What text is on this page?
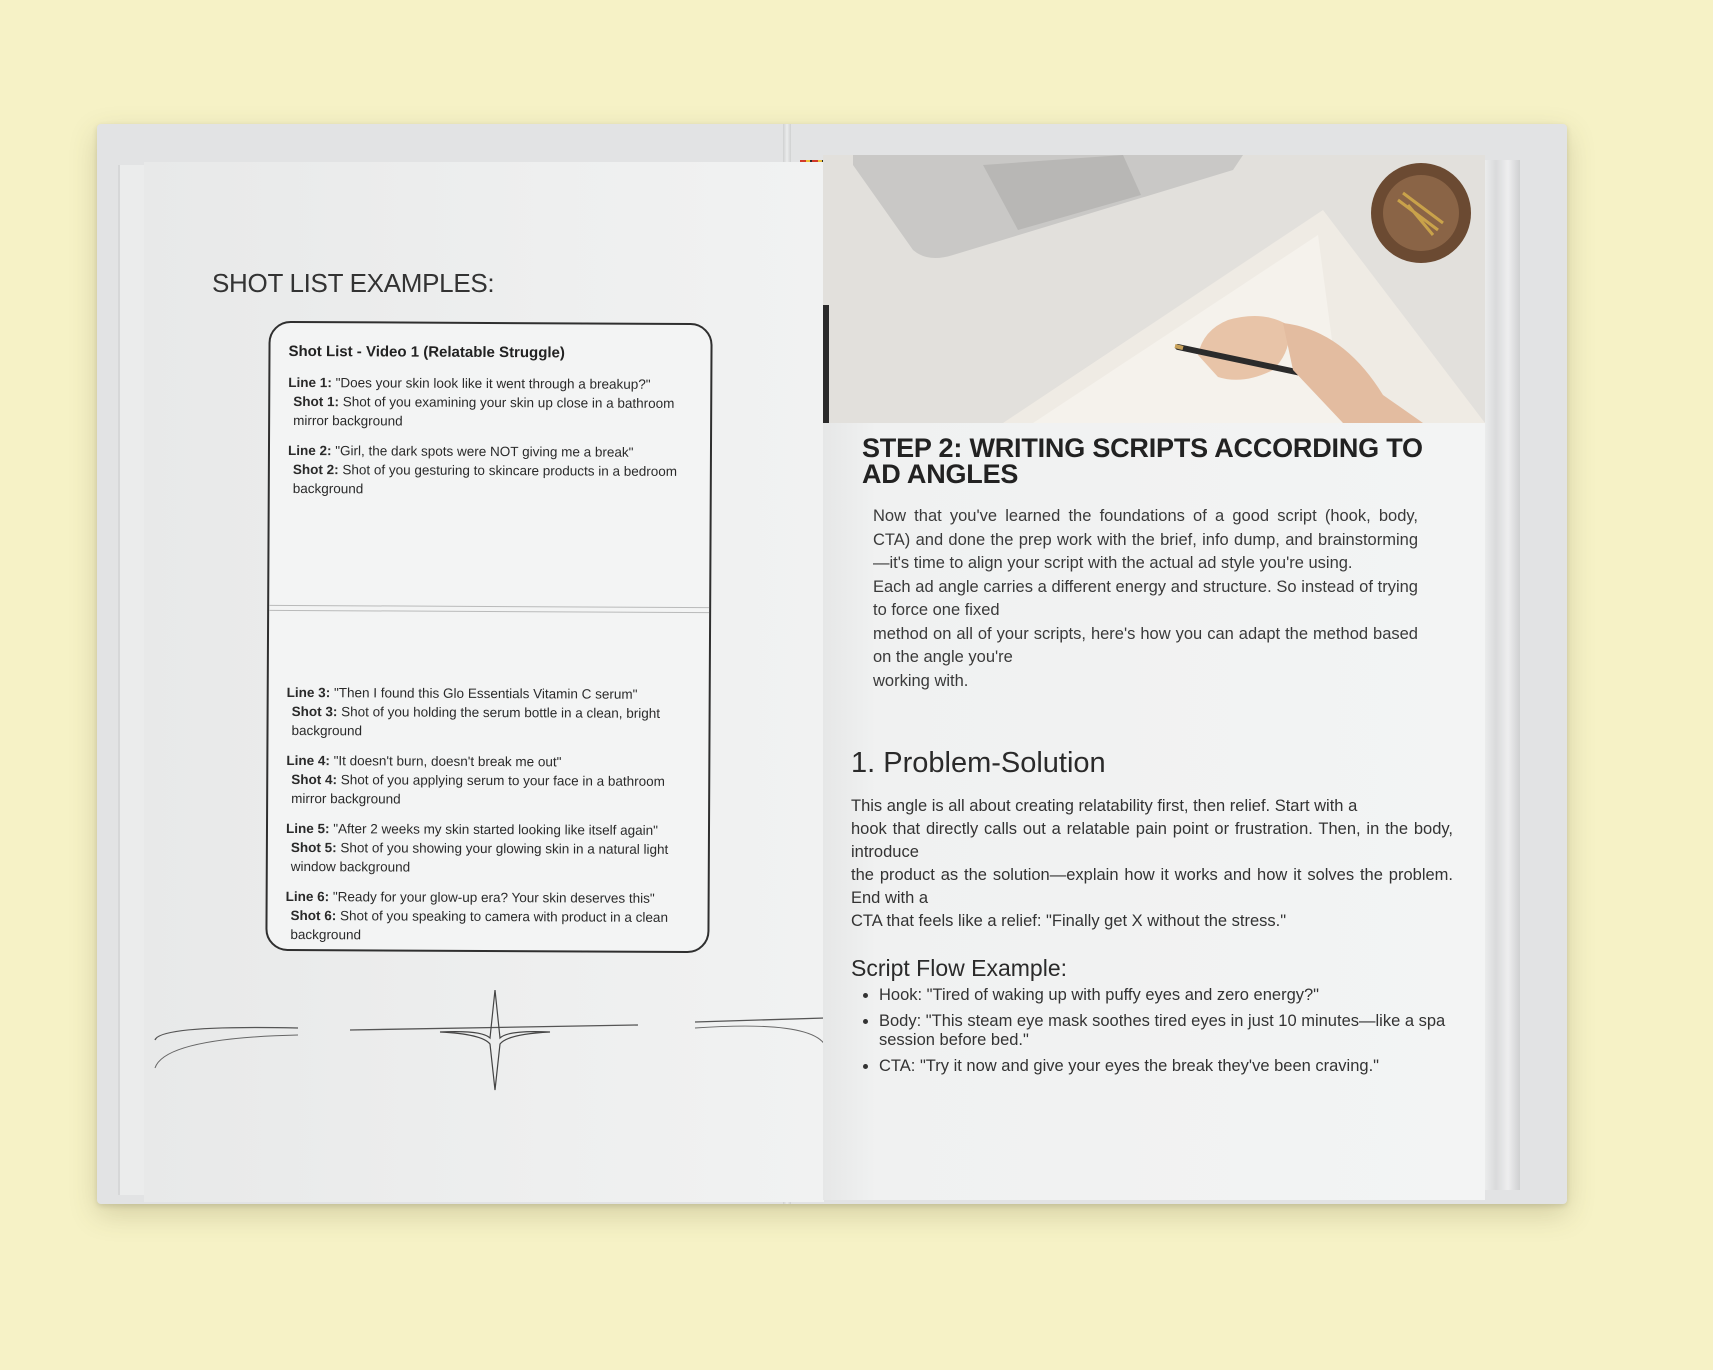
SHOT LIST EXAMPLES:
Shot List - Video 1 (Relatable Struggle)
Line 1: "Does your skin look like it went through a breakup?"
Shot 1: Shot of you examining your skin up close in a bathroom mirror background
Line 2: "Girl, the dark spots were NOT giving me a break"
Shot 2: Shot of you gesturing to skincare products in a bedroom background
Line 3: "Then I found this Glo Essentials Vitamin C serum"
Shot 3: Shot of you holding the serum bottle in a clean, bright background
Line 4: "It doesn't burn, doesn't break me out"
Shot 4: Shot of you applying serum to your face in a bathroom mirror background
Line 5: "After 2 weeks my skin started looking like itself again"
Shot 5: Shot of you showing your glowing skin in a natural light window background
Line 6: "Ready for your glow-up era? Your skin deserves this"
Shot 6: Shot of you speaking to camera with product in a clean background
STEP 2: WRITING SCRIPTS ACCORDING TO AD ANGLES

Now that you've learned the foundations of a good script (hook, body, CTA) and done the prep work with the brief, info dump, and brainstorming—it's time to align your script with the actual ad style you're using.

Each ad angle carries a different energy and structure. So instead of trying to force one fixed

method on all of your scripts, here's how you can adapt the method based on the angle you're

working with.

1. Problem-Solution

This angle is all about creating relatability first, then relief. Start with a

hook that directly calls out a relatable pain point or frustration. Then, in the body, introduce

the product as the solution—explain how it works and how it solves the problem. End with a

CTA that feels like a relief: "Finally get X without the stress."

Script Flow Example:
• Hook: "Tired of waking up with puffy eyes and zero energy?"
• Body: "This steam eye mask soothes tired eyes in just 10 minutes—like a spa session before bed."
• CTA: "Try it now and give your eyes the break they've been craving."
